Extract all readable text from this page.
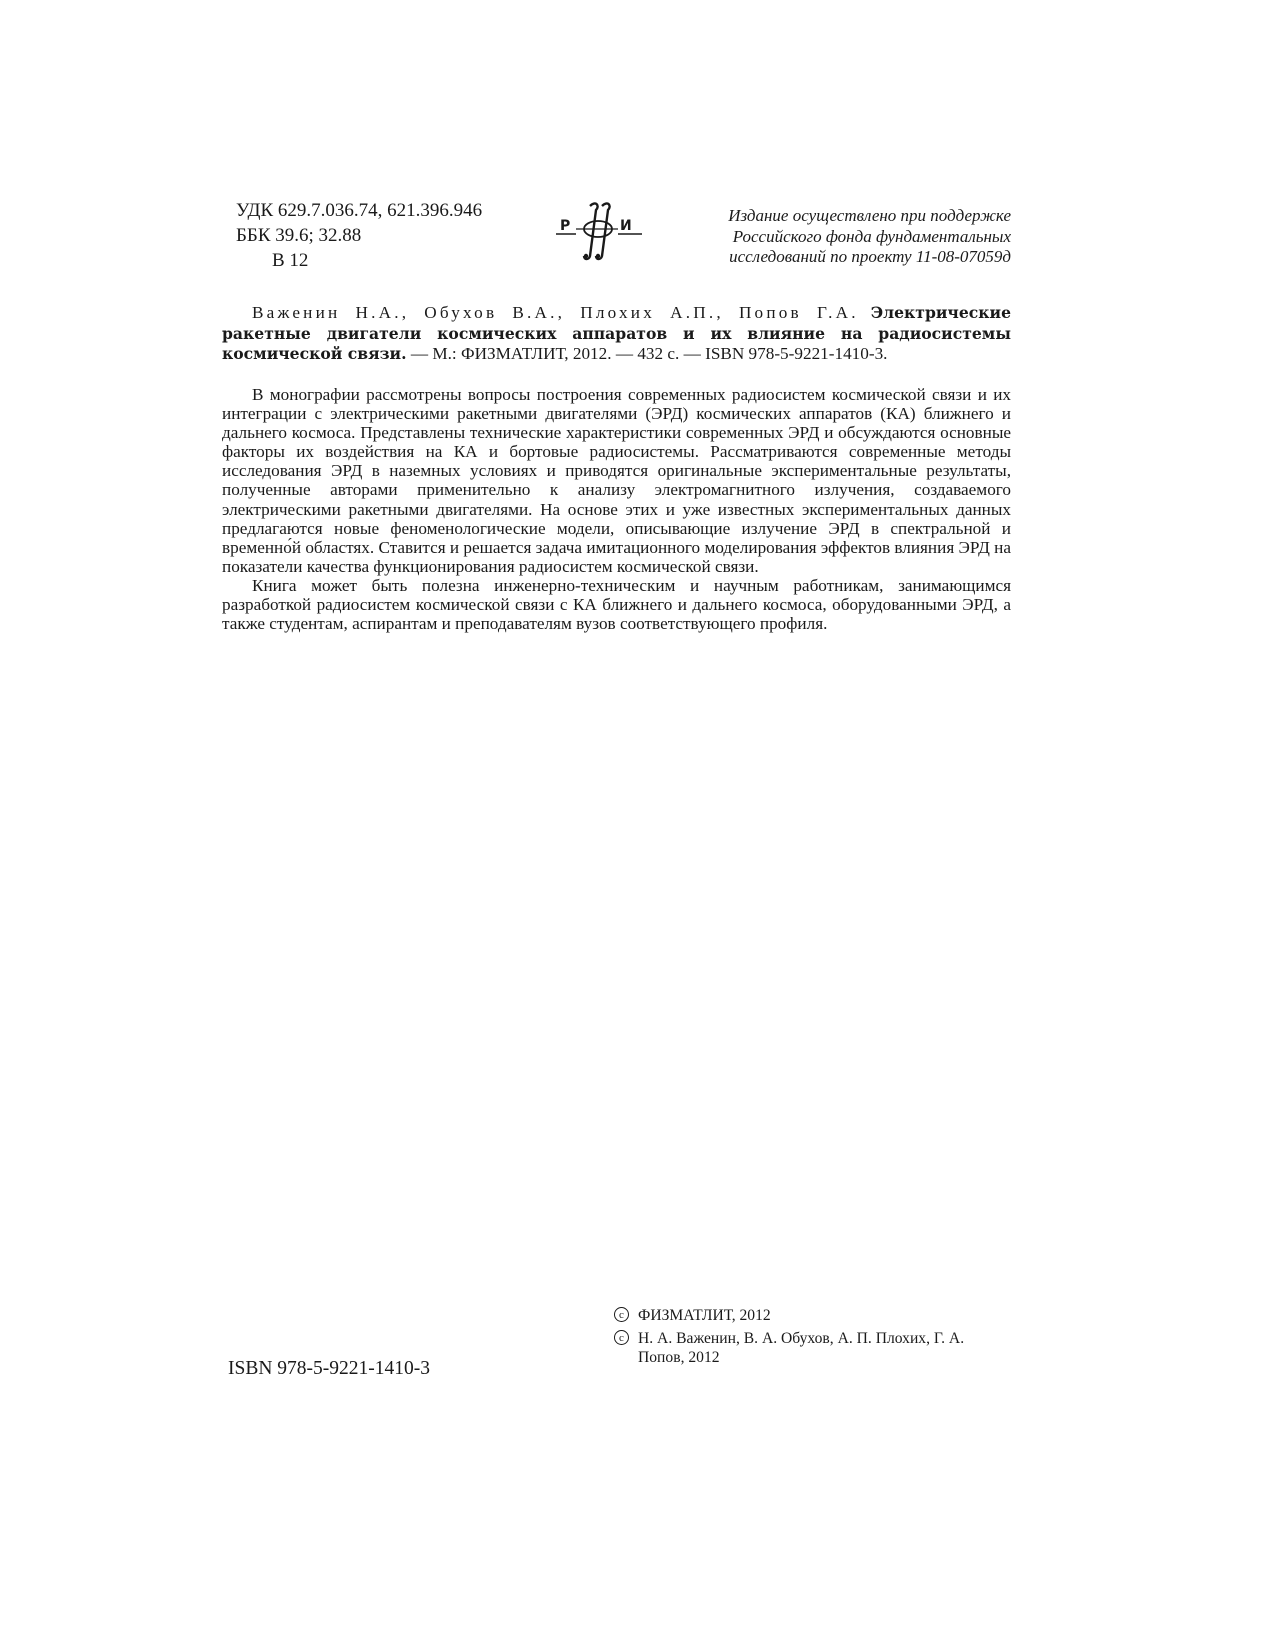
УДК 629.7.036.74, 621.396.946
ББК 39.6; 32.88
В 12
Р	И
Издание осуществлено при поддержке
Российского фонда фундаментальных
исследований по проекту 11-08-07059д
Важенин Н.А., Обухов В.А., Плохих А.П., Попов Г.А. Электрические ракетные двигатели космических аппаратов и их влияние на радиосистемы космической связи. — М.: ФИЗМАТЛИТ, 2012. — 432 с. — ISBN 978-5-9221-1410-3.

В монографии рассмотрены вопросы построения современных радиосистем космической связи и их интеграции с электрическими ракетными двигателями (ЭРД) космических аппаратов (КА) ближнего и дальнего космоса. Представлены технические характеристики современных ЭРД и обсуждаются основные факторы их воздействия на КА и бортовые радиосистемы. Рассматриваются современные методы исследования ЭРД в наземных условиях и приводятся оригинальные экспериментальные результаты, полученные авторами применительно к анализу электромагнитного излучения, создаваемого электрическими ракетными двигателями. На основе этих и уже известных экспериментальных данных предлагаются новые феноменологические модели, описывающие излучение ЭРД в спектральной и временно́й областях. Ставится и решается задача имитационного моделирования эффектов влияния ЭРД на показатели качества функционирования радиосистем космической связи.

Книга может быть полезна инженерно-техническим и научным работникам, занимающимся разработкой радиосистем космической связи с КА ближнего и дальнего космоса, оборудованными ЭРД, а также студентам, аспирантам и преподавателям вузов соответствующего профиля.

ISBN 978-5-9221-1410-3
c ФИЗМАТЛИТ, 2012
c Н. А. Важенин, В. А. Обухов, А. П. Плохих, Г. А. Попов, 2012
